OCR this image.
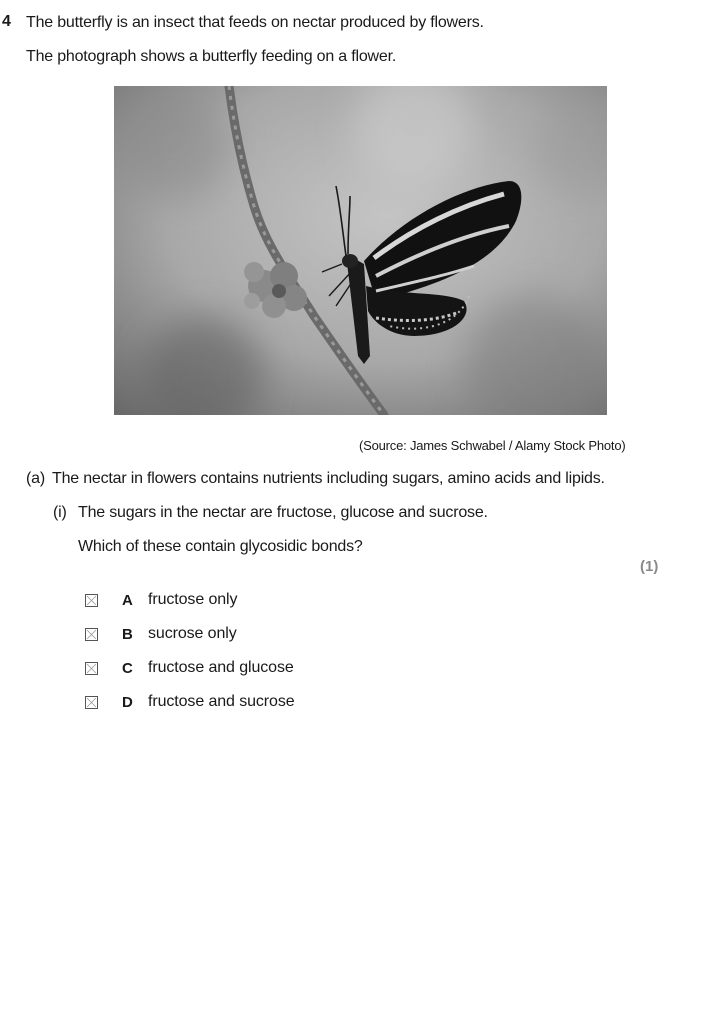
4 The butterfly is an insect that feeds on nectar produced by flowers.
The photograph shows a butterfly feeding on a flower.
(Source: James Schwabel / Alamy Stock Photo)
(a) The nectar in flowers contains nutrients including sugars, amino acids and lipids.
(i) The sugars in the nectar are fructose, glucose and sucrose.
Which of these contain glycosidic bonds?
(1)
A fructose only
B sucrose only
C fructose and glucose
D fructose and sucrose
